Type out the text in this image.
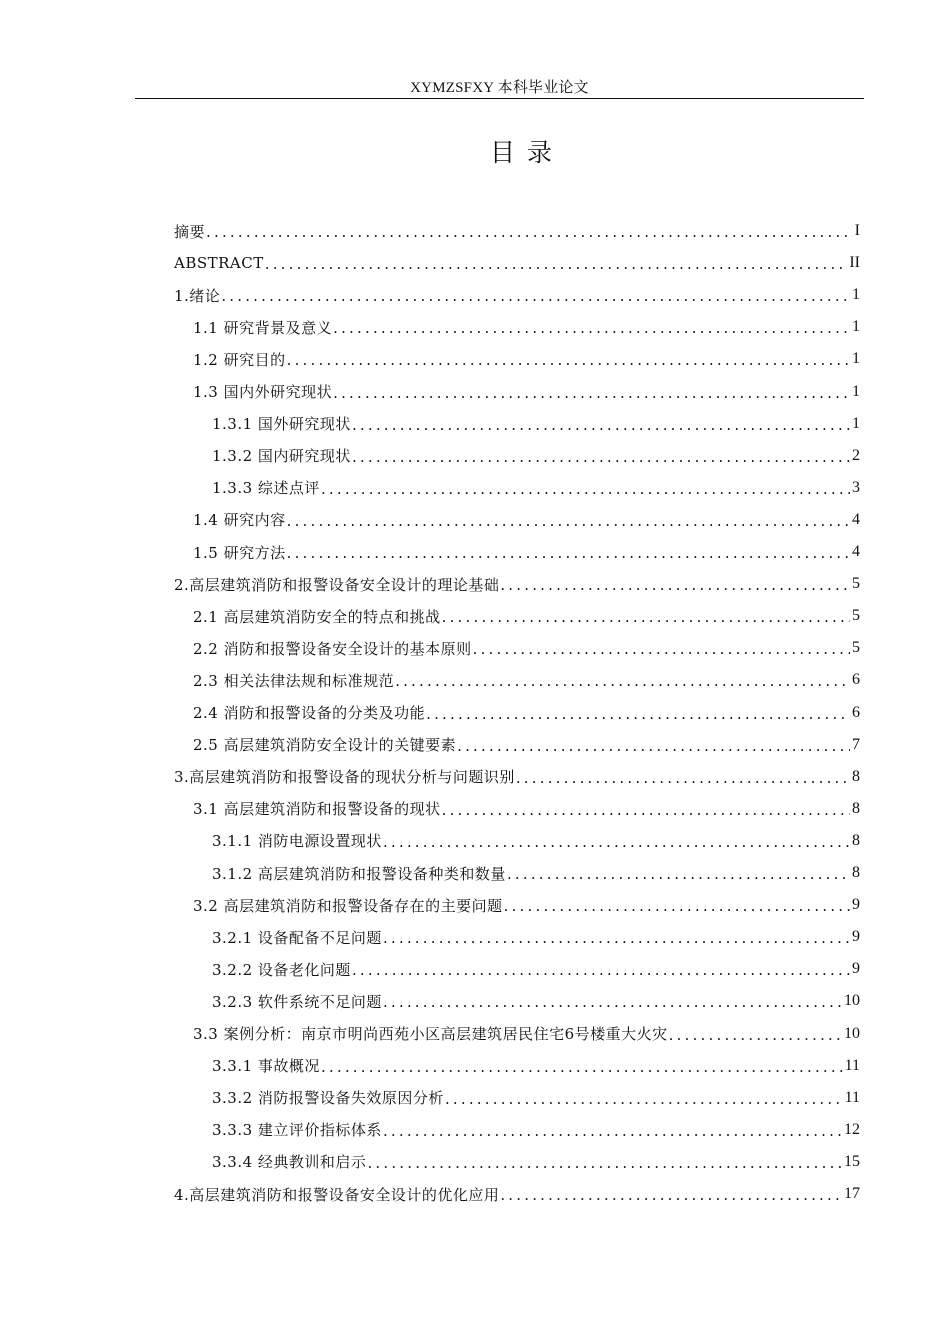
XYMZSFXY 本科毕业论文
目录
摘要 .....	I
ABSTRACT .....	II
1.绪论 .....	1
1.1 研究背景及意义 .....	1
1.2 研究目的 .....	1
1.3 国内外研究现状 .....	1
1.3.1 国外研究现状 .....	1
1.3.2 国内研究现状 .....	2
1.3.3 综述点评 .....	3
1.4 研究内容 .....	4
1.5 研究方法 .....	4
2.高层建筑消防和报警设备安全设计的理论基础 .....	5
2.1 高层建筑消防安全的特点和挑战 .....	5
2.2 消防和报警设备安全设计的基本原则 .....	5
2.3 相关法律法规和标准规范 .....	6
2.4 消防和报警设备的分类及功能 .....	6
2.5 高层建筑消防安全设计的关键要素 .....	7
3.高层建筑消防和报警设备的现状分析与问题识别 .....	8
3.1 高层建筑消防和报警设备的现状 .....	8
3.1.1 消防电源设置现状 .....	8
3.1.2 高层建筑消防和报警设备种类和数量 .....	8
3.2 高层建筑消防和报警设备存在的主要问题 .....	9
3.2.1 设备配备不足问题 .....	9
3.2.2 设备老化问题 .....	9
3.2.3 软件系统不足问题 .....	10
3.3 案例分析：南京市明尚西苑小区高层建筑居民住宅6号楼重大火灾 .....	10
3.3.1 事故概况 .....	11
3.3.2 消防报警设备失效原因分析 .....	11
3.3.3 建立评价指标体系 .....	12
3.3.4 经典教训和启示 .....	15
4.高层建筑消防和报警设备安全设计的优化应用 .....	17
